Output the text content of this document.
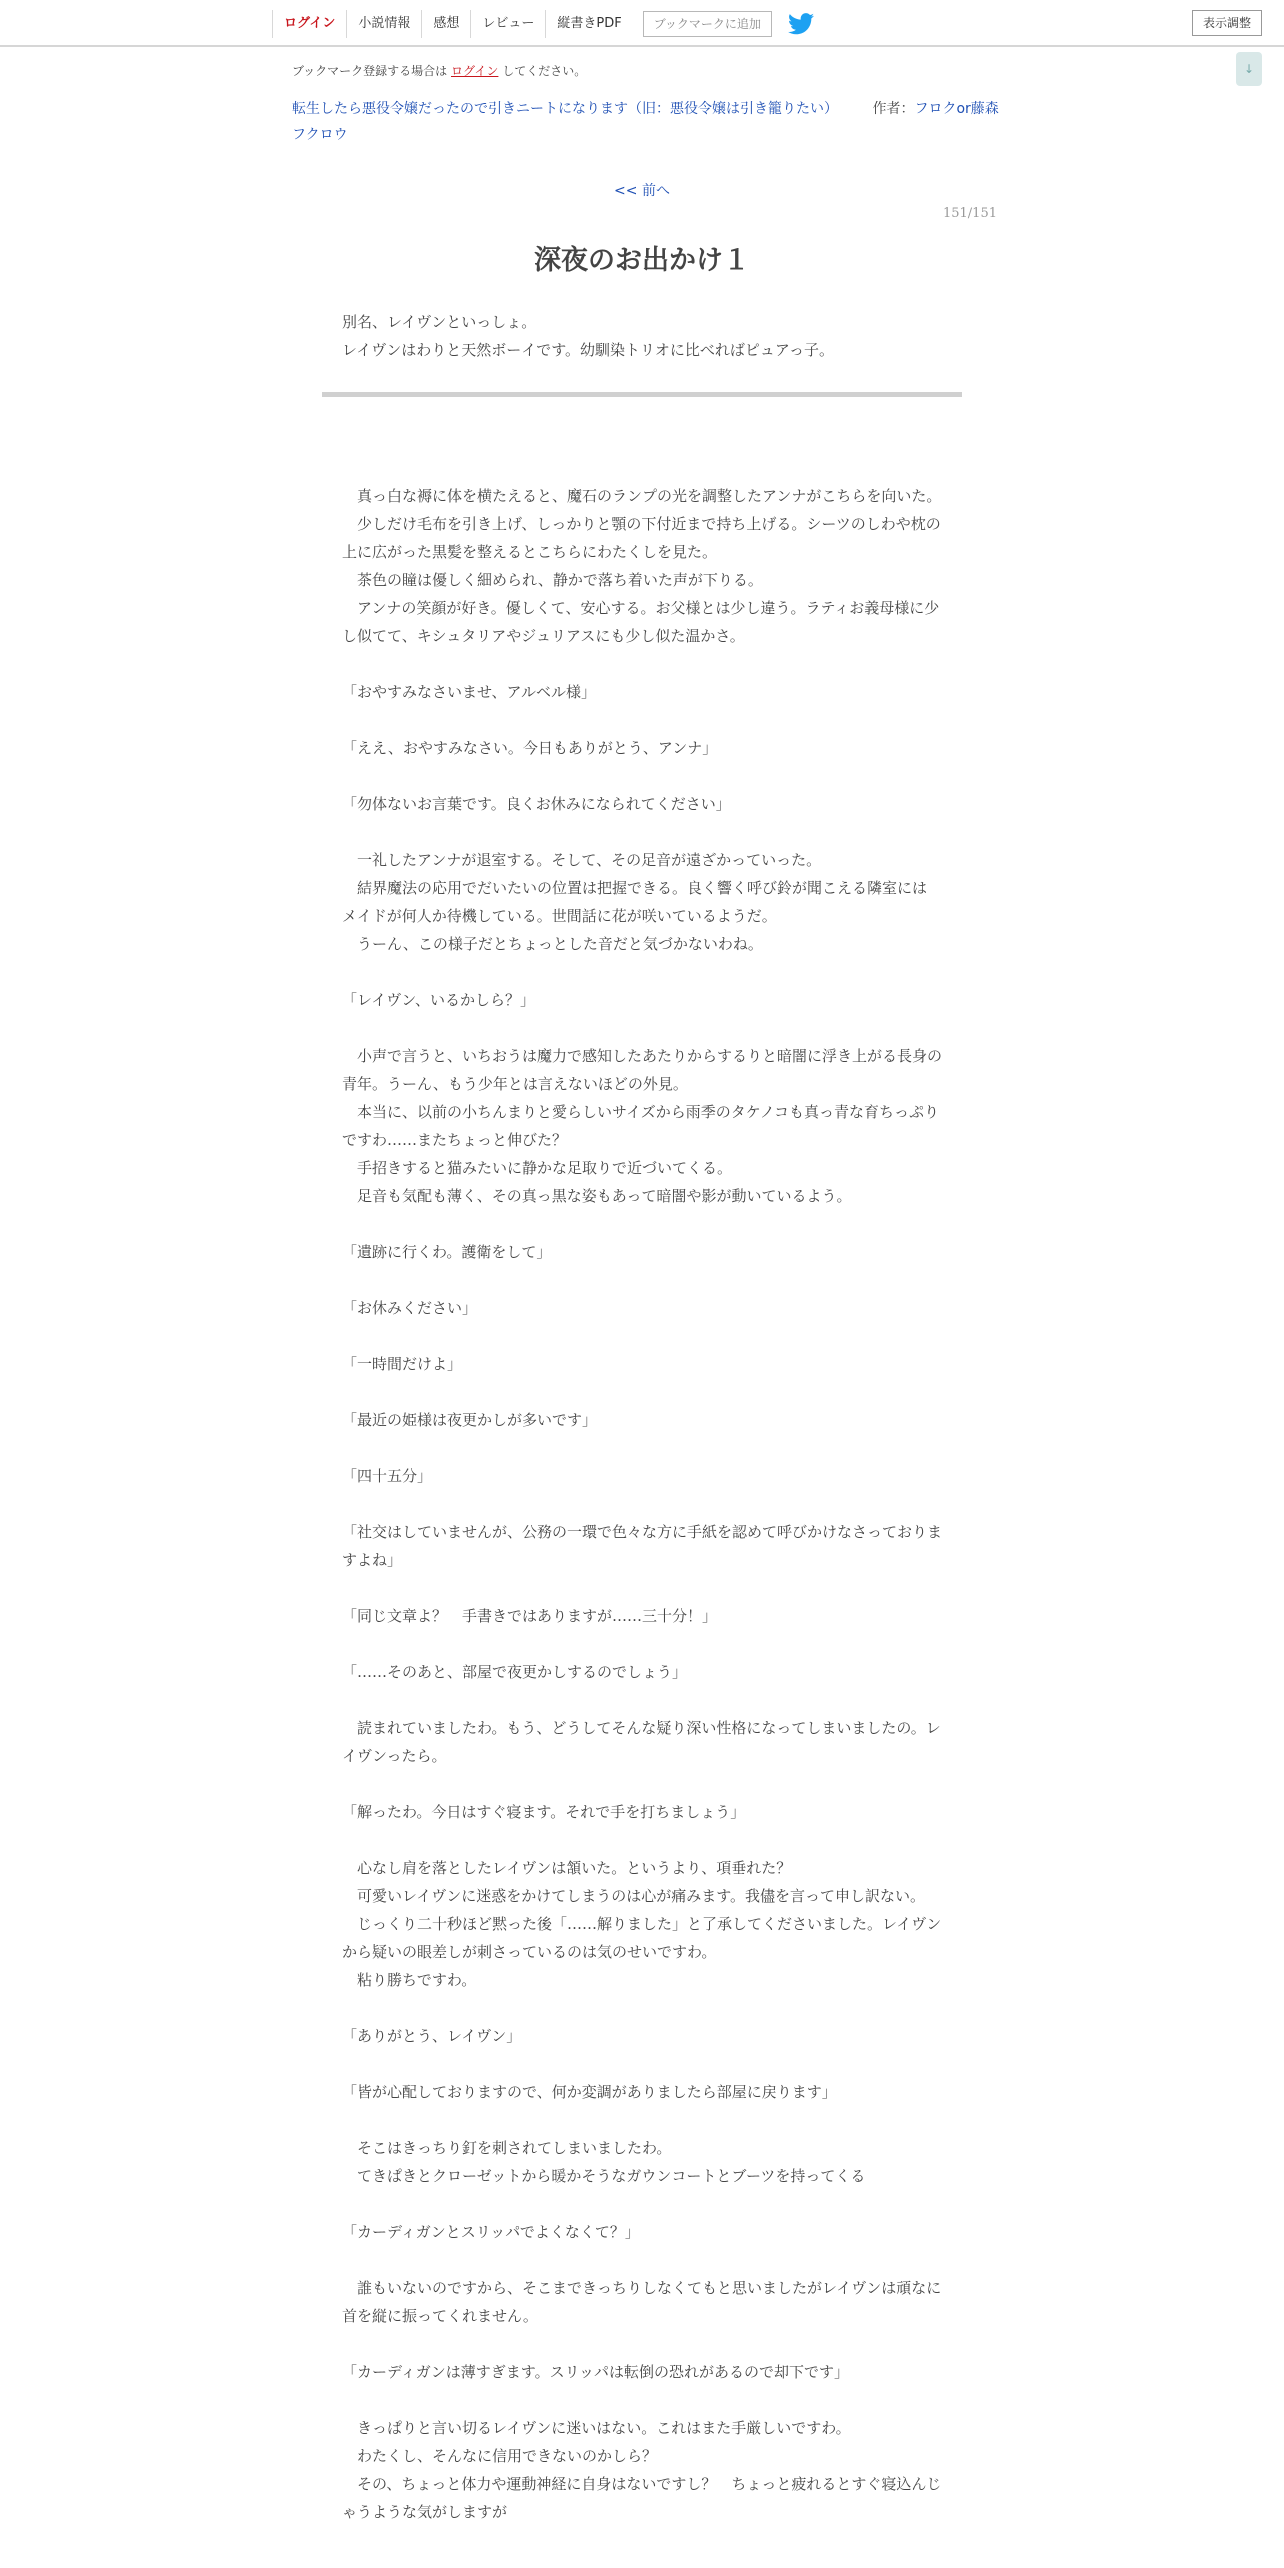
ログイン	小説情報	感想	レビュー	縦書きPDF	ブックマークに追加	表示調整
↓
ブックマーク登録する場合は ログイン してください。
転生したら悪役令嬢だったので引きニートになります（旧：悪役令嬢は引き籠りたい） 作者：フロクor藤森フクロウ
<< 前へ
151/151
深夜のお出かけ１
別名、レイヴンといっしょ。
レイヴンはわりと天然ボーイです。幼馴染トリオに比べればピュアっ子。
　真っ白な褥に体を横たえると、魔石のランプの光を調整したアンナがこちらを向いた。
　少しだけ毛布を引き上げ、しっかりと顎の下付近まで持ち上げる。シーツのしわや枕の上に広がった黒髪を整えるとこちらにわたくしを見た。
　茶色の瞳は優しく細められ、静かで落ち着いた声が下りる。
　アンナの笑顔が好き。優しくて、安心する。お父様とは少し違う。ラティお義母様に少し似てて、キシュタリアやジュリアスにも少し似た温かさ。
「おやすみなさいませ、アルベル様」
「ええ、おやすみなさい。今日もありがとう、アンナ」
「勿体ないお言葉です。良くお休みになられてください」
　一礼したアンナが退室する。そして、その足音が遠ざかっていった。
　結界魔法の応用でだいたいの位置は把握できる。良く響く呼び鈴が聞こえる隣室にはメイドが何人か待機している。世間話に花が咲いているようだ。
　うーん、この様子だとちょっとした音だと気づかないわね。
「レイヴン、いるかしら？」
　小声で言うと、いちおうは魔力で感知したあたりからするりと暗闇に浮き上がる長身の青年。うーん、もう少年とは言えないほどの外見。
　本当に、以前の小ちんまりと愛らしいサイズから雨季のタケノコも真っ青な育ちっぷりですわ……またちょっと伸びた？
　手招きすると猫みたいに静かな足取りで近づいてくる。
　足音も気配も薄く、その真っ黒な姿もあって暗闇や影が動いているよう。
「遺跡に行くわ。護衛をして」
「お休みください」
「一時間だけよ」
「最近の姫様は夜更かしが多いです」
「四十五分」
「社交はしていませんが、公務の一環で色々な方に手紙を認めて呼びかけなさっておりますよね」
「同じ文章よ？　手書きではありますが……三十分！」
「……そのあと、部屋で夜更かしするのでしょう」
　読まれていましたわ。もう、どうしてそんな疑り深い性格になってしまいましたの。レイヴンったら。
「解ったわ。今日はすぐ寝ます。それで手を打ちましょう」
　心なし肩を落としたレイヴンは頷いた。というより、項垂れた？
　可愛いレイヴンに迷惑をかけてしまうのは心が痛みます。我儘を言って申し訳ない。
　じっくり二十秒ほど黙った後「……解りました」と了承してくださいました。レイヴンから疑いの眼差しが刺さっているのは気のせいですわ。
　粘り勝ちですわ。
「ありがとう、レイヴン」
「皆が心配しておりますので、何か変調がありましたら部屋に戻ります」
　そこはきっちり釘を刺されてしまいましたわ。
　てきぱきとクローゼットから暖かそうなガウンコートとブーツを持ってくる
「カーディガンとスリッパでよくなくて？」
　誰もいないのですから、そこまできっちりしなくてもと思いましたがレイヴンは頑なに首を縦に振ってくれません。
「カーディガンは薄すぎます。スリッパは転倒の恐れがあるので却下です」
　きっぱりと言い切るレイヴンに迷いはない。これはまた手厳しいですわ。
　わたくし、そんなに信用できないのかしら？
　その、ちょっと体力や運動神経に自身はないですし？　ちょっと疲れるとすぐ寝込んじゃうような気がしますが
